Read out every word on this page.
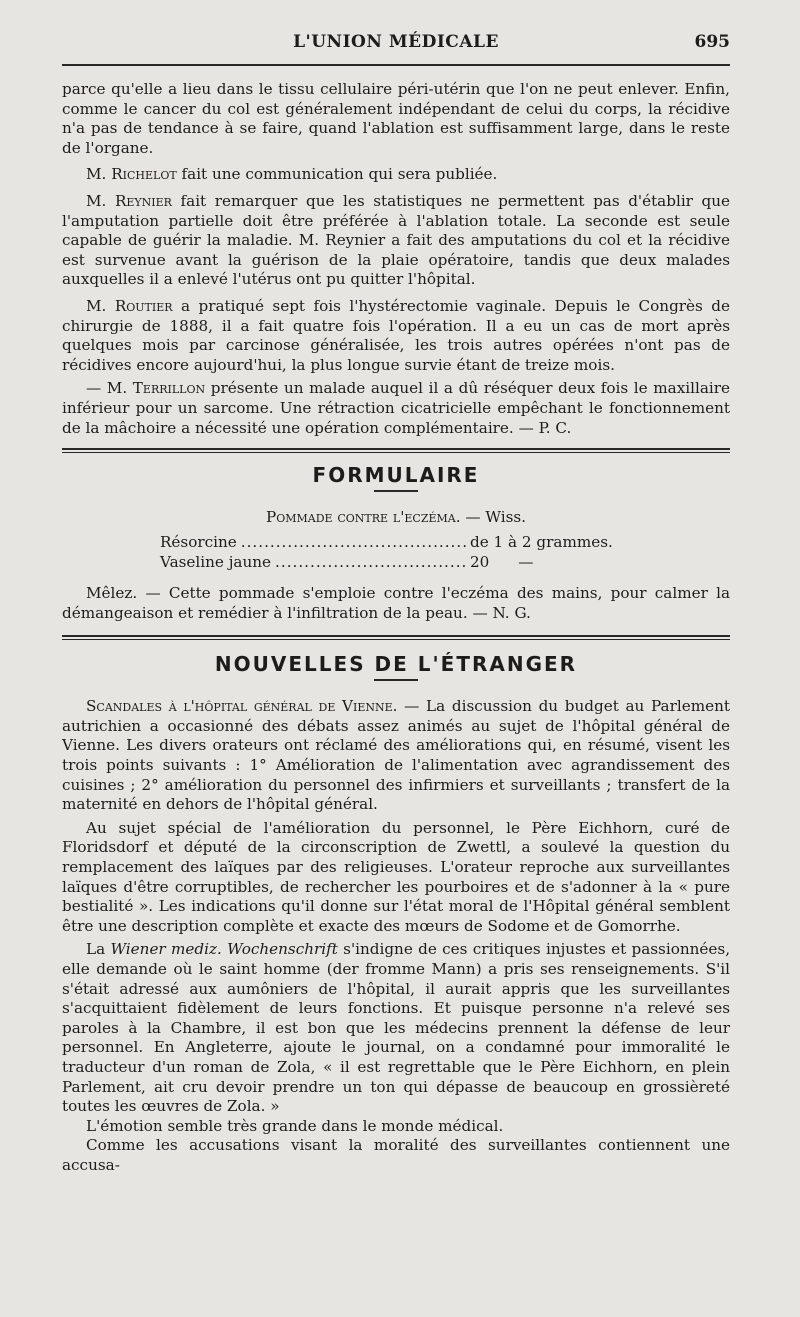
L'UNION MÉDICALE	695

parce qu'elle a lieu dans le tissu cellulaire péri-utérin que l'on ne peut enlever. Enfin, comme le cancer du col est généralement indépendant de celui du corps, la récidive n'a pas de tendance à se faire, quand l'ablation est suffisamment large, dans le reste de l'organe.

M. Richelot fait une communication qui sera publiée.

M. Reynier fait remarquer que les statistiques ne permettent pas d'établir que l'amputation partielle doit être préférée à l'ablation totale. La seconde est seule capable de guérir la maladie. M. Reynier a fait des amputations du col et la récidive est survenue avant la guérison de la plaie opératoire, tandis que deux malades auxquelles il a enlevé l'utérus ont pu quitter l'hôpital.

M. Routier a pratiqué sept fois l'hystérectomie vaginale. Depuis le Congrès de chirurgie de 1888, il a fait quatre fois l'opération. Il a eu un cas de mort après quelques mois par carcinose généralisée, les trois autres opérées n'ont pas de récidives encore aujourd'hui, la plus longue survie étant de treize mois.

— M. Terrillon présente un malade auquel il a dû réséquer deux fois le maxillaire inférieur pour un sarcome. Une rétraction cicatricielle empêchant le fonctionnement de la mâchoire a nécessité une opération complémentaire. — P. C.

FORMULAIRE
Pommade contre l'eczéma. — Wiss.
Résorcine .....	de 1 à 2 grammes.
Vaseline jaune .....	20      —

Mêlez. — Cette pommade s'emploie contre l'eczéma des mains, pour calmer la démangeaison et remédier à l'infiltration de la peau. — N. G.

NOUVELLES DE L'ÉTRANGER

Scandales à l'hôpital général de Vienne. — La discussion du budget au Parlement autrichien a occasionné des débats assez animés au sujet de l'hôpital général de Vienne. Les divers orateurs ont réclamé des améliorations qui, en résumé, visent les trois points suivants : 1° Amélioration de l'alimentation avec agrandissement des cuisines ; 2° amélioration du personnel des infirmiers et surveillants ; transfert de la maternité en dehors de l'hôpital général.

Au sujet spécial de l'amélioration du personnel, le Père Eichhorn, curé de Floridsdorf et député de la circonscription de Zwettl, a soulevé la question du remplacement des laïques par des religieuses. L'orateur reproche aux surveillantes laïques d'être corruptibles, de rechercher les pourboires et de s'adonner à la « pure bestialité ». Les indications qu'il donne sur l'état moral de l'Hôpital général semblent être une description complète et exacte des mœurs de Sodome et de Gomorrhe.

La Wiener mediz. Wochenschrift s'indigne de ces critiques injustes et passionnées, elle demande où le saint homme (der fromme Mann) a pris ses renseignements. S'il s'était adressé aux aumôniers de l'hôpital, il aurait appris que les surveillantes s'acquittaient fidèlement de leurs fonctions. Et puisque personne n'a relevé ses paroles à la Chambre, il est bon que les médecins prennent la défense de leur personnel. En Angleterre, ajoute le journal, on a condamné pour immoralité le traducteur d'un roman de Zola, « il est regrettable que le Père Eichhorn, en plein Parlement, ait cru devoir prendre un ton qui dépasse de beaucoup en grossièreté toutes les œuvres de Zola. »

L'émotion semble très grande dans le monde médical.

Comme les accusations visant la moralité des surveillantes contiennent une accusa-
